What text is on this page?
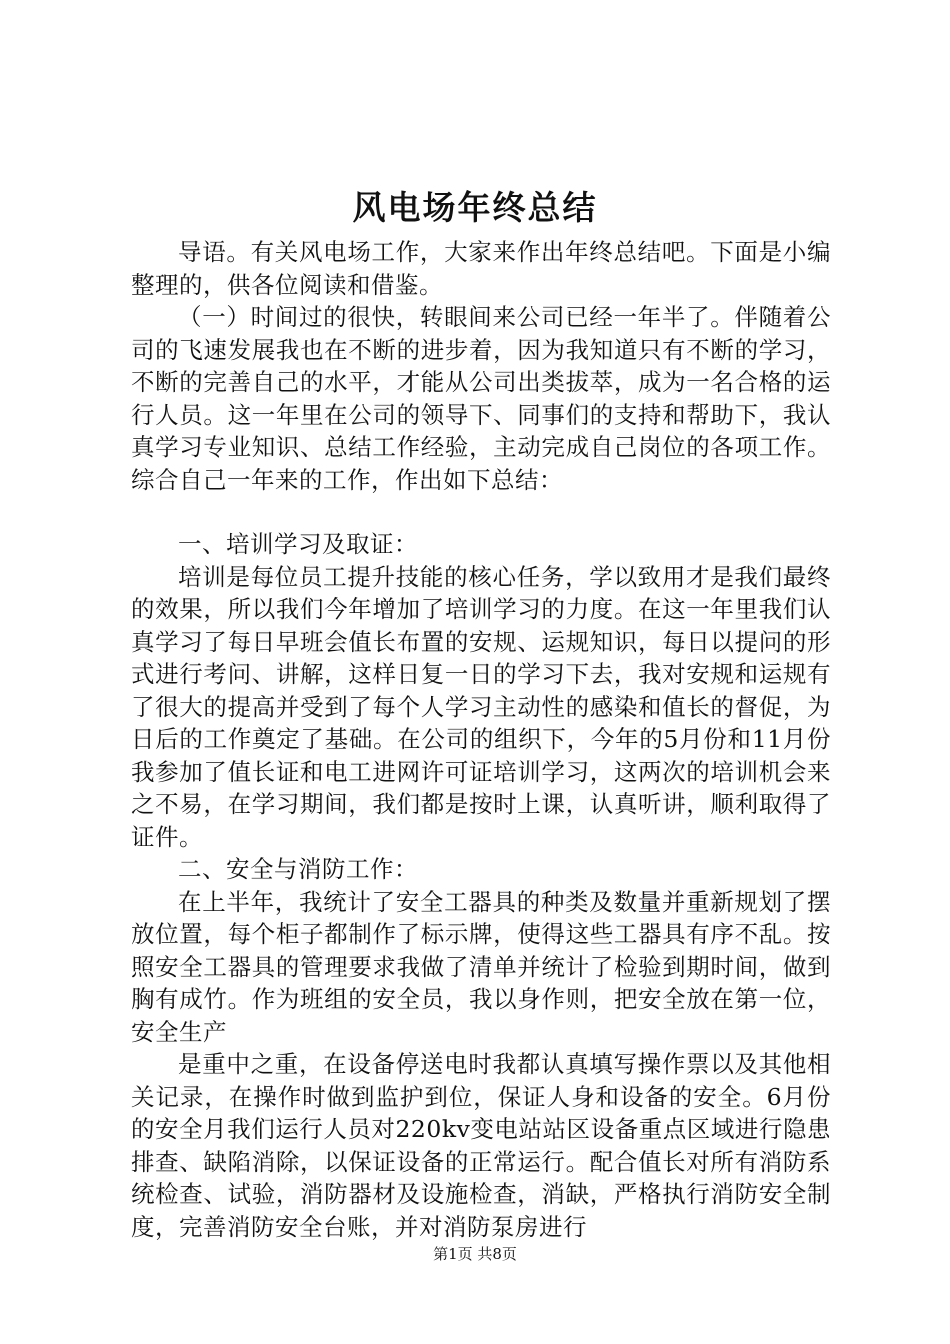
风电场年终总结

导语。有关风电场工作，大家来作出年终总结吧。下面是小编整理的，供各位阅读和借鉴。

（一）时间过的很快，转眼间来公司已经一年半了。伴随着公司的飞速发展我也在不断的进步着，因为我知道只有不断的学习，不断的完善自己的水平，才能从公司出类拔萃，成为一名合格的运行人员。这一年里在公司的领导下、同事们的支持和帮助下，我认真学习专业知识、总结工作经验，主动完成自己岗位的各项工作。综合自己一年来的工作，作出如下总结：

一、培训学习及取证：

培训是每位员工提升技能的核心任务，学以致用才是我们最终的效果，所以我们今年增加了培训学习的力度。在这一年里我们认真学习了每日早班会值长布置的安规、运规知识，每日以提问的形式进行考问、讲解，这样日复一日的学习下去，我对安规和运规有了很大的提高并受到了每个人学习主动性的感染和值长的督促，为日后的工作奠定了基础。在公司的组织下，今年的5月份和11月份我参加了值长证和电工进网许可证培训学习，这两次的培训机会来之不易，在学习期间，我们都是按时上课，认真听讲，顺利取得了证件。

二、安全与消防工作：

在上半年，我统计了安全工器具的种类及数量并重新规划了摆放位置，每个柜子都制作了标示牌，使得这些工器具有序不乱。按照安全工器具的管理要求我做了清单并统计了检验到期时间，做到胸有成竹。作为班组的安全员，我以身作则，把安全放在第一位，安全生产

是重中之重，在设备停送电时我都认真填写操作票以及其他相关记录，在操作时做到监护到位，保证人身和设备的安全。6月份的安全月我们运行人员对220kv变电站站区设备重点区域进行隐患排查、缺陷消除，以保证设备的正常运行。配合值长对所有消防系统检查、试验，消防器材及设施检查，消缺，严格执行消防安全制度，完善消防安全台账，并对消防泵房进行

第1页 共8页
